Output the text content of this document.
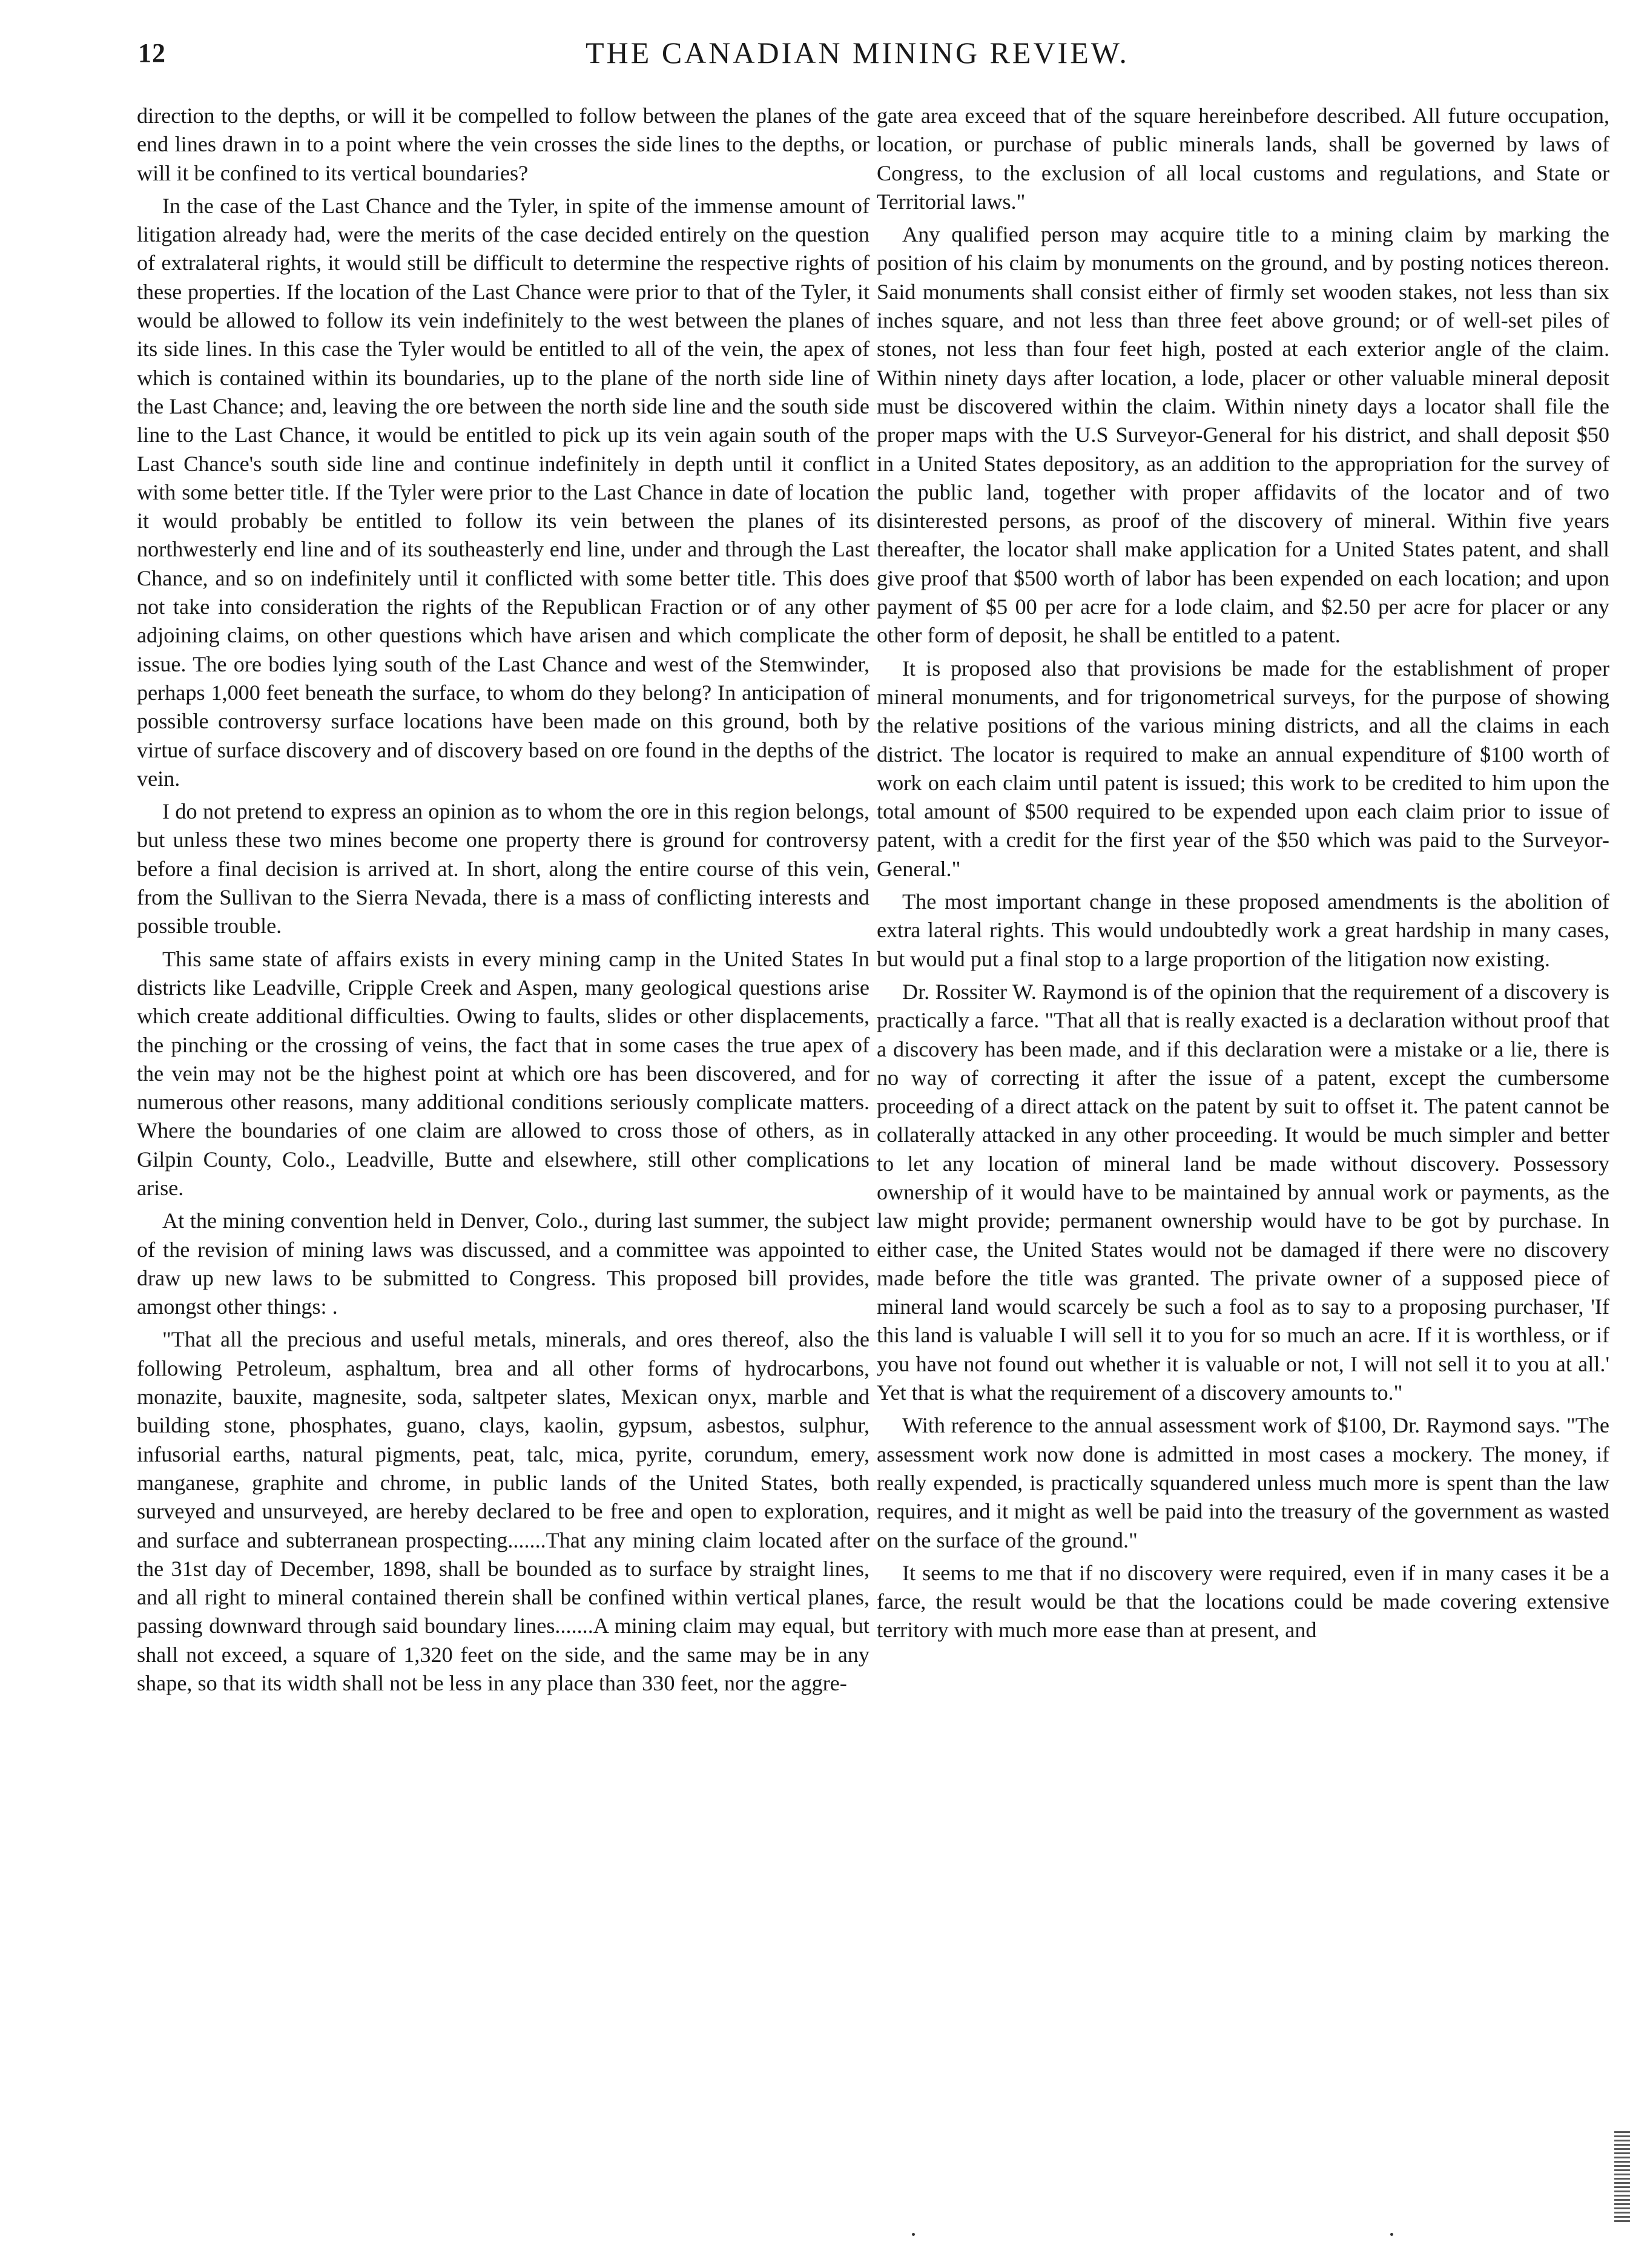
12	THE CANADIAN MINING REVIEW.

direction to the depths, or will it be compelled to follow between the planes of the end lines drawn in to a point where the vein crosses the side lines to the depths, or will it be confined to its vertical boundaries?

In the case of the Last Chance and the Tyler, in spite of the immense amount of litigation already had, were the merits of the case decided entirely on the question of extralateral rights, it would still be difficult to determine the respective rights of these properties. If the location of the Last Chance were prior to that of the Tyler, it would be allowed to follow its vein indefinitely to the west between the planes of its side lines. In this case the Tyler would be entitled to all of the vein, the apex of which is contained within its boundaries, up to the plane of the north side line of the Last Chance; and, leaving the ore between the north side line and the south side line to the Last Chance, it would be entitled to pick up its vein again south of the Last Chance's south side line and continue indefinitely in depth until it conflict with some better title. If the Tyler were prior to the Last Chance in date of location it would probably be entitled to follow its vein between the planes of its northwesterly end line and of its southeasterly end line, under and through the Last Chance, and so on indefinitely until it conflicted with some better title. This does not take into consideration the rights of the Republican Fraction or of any other adjoining claims, on other questions which have arisen and which complicate the issue. The ore bodies lying south of the Last Chance and west of the Stemwinder, perhaps 1,000 feet beneath the surface, to whom do they belong? In anticipation of possible controversy surface locations have been made on this ground, both by virtue of surface discovery and of discovery based on ore found in the depths of the vein.

I do not pretend to express an opinion as to whom the ore in this region belongs, but unless these two mines become one property there is ground for controversy before a final decision is arrived at. In short, along the entire course of this vein, from the Sullivan to the Sierra Nevada, there is a mass of conflicting interests and possible trouble.

This same state of affairs exists in every mining camp in the United States In districts like Leadville, Cripple Creek and Aspen, many geological questions arise which create additional difficulties. Owing to faults, slides or other displacements, the pinching or the crossing of veins, the fact that in some cases the true apex of the vein may not be the highest point at which ore has been discovered, and for numerous other reasons, many additional conditions seriously complicate matters. Where the boundaries of one claim are allowed to cross those of others, as in Gilpin County, Colo., Leadville, Butte and elsewhere, still other complications arise.

At the mining convention held in Denver, Colo., during last summer, the subject of the revision of mining laws was discussed, and a committee was appointed to draw up new laws to be submitted to Congress. This proposed bill provides, amongst other things: .

"That all the precious and useful metals, minerals, and ores thereof, also the following Petroleum, asphaltum, brea and all other forms of hydrocarbons, monazite, bauxite, magnesite, soda, saltpeter slates, Mexican onyx, marble and building stone, phosphates, guano, clays, kaolin, gypsum, asbestos, sulphur, infusorial earths, natural pigments, peat, talc, mica, pyrite, corundum, emery, manganese, graphite and chrome, in public lands of the United States, both surveyed and unsurveyed, are hereby declared to be free and open to exploration, and surface and subterranean prospecting.......That any mining claim located after the 31st day of December, 1898, shall be bounded as to surface by straight lines, and all right to mineral contained therein shall be confined within vertical planes, passing downward through said boundary lines.......A mining claim may equal, but shall not exceed, a square of 1,320 feet on the side, and the same may be in any shape, so that its width shall not be less in any place than 330 feet, nor the aggre-

gate area exceed that of the square hereinbefore described. All future occupation, location, or purchase of public minerals lands, shall be governed by laws of Congress, to the exclusion of all local customs and regulations, and State or Territorial laws."

Any qualified person may acquire title to a mining claim by marking the position of his claim by monuments on the ground, and by posting notices thereon. Said monuments shall consist either of firmly set wooden stakes, not less than six inches square, and not less than three feet above ground; or of well-set piles of stones, not less than four feet high, posted at each exterior angle of the claim. Within ninety days after location, a lode, placer or other valuable mineral deposit must be discovered within the claim. Within ninety days a locator shall file the proper maps with the U.S Surveyor-General for his district, and shall deposit $50 in a United States depository, as an addition to the appropriation for the survey of the public land, together with proper affidavits of the locator and of two disinterested persons, as proof of the discovery of mineral. Within five years thereafter, the locator shall make application for a United States patent, and shall give proof that $500 worth of labor has been expended on each location; and upon payment of $5 00 per acre for a lode claim, and $2.50 per acre for placer or any other form of deposit, he shall be entitled to a patent.

It is proposed also that provisions be made for the establishment of proper mineral monuments, and for trigonometrical surveys, for the purpose of showing the relative positions of the various mining districts, and all the claims in each district. The locator is required to make an annual expenditure of $100 worth of work on each claim until patent is issued; this work to be credited to him upon the total amount of $500 required to be expended upon each claim prior to issue of patent, with a credit for the first year of the $50 which was paid to the Surveyor-General."

The most important change in these proposed amendments is the abolition of extra lateral rights. This would undoubtedly work a great hardship in many cases, but would put a final stop to a large proportion of the litigation now existing.

Dr. Rossiter W. Raymond is of the opinion that the requirement of a discovery is practically a farce. "That all that is really exacted is a declaration without proof that a discovery has been made, and if this declaration were a mistake or a lie, there is no way of correcting it after the issue of a patent, except the cumbersome proceeding of a direct attack on the patent by suit to offset it. The patent cannot be collaterally attacked in any other proceeding. It would be much simpler and better to let any location of mineral land be made without discovery. Possessory ownership of it would have to be maintained by annual work or payments, as the law might provide; permanent ownership would have to be got by purchase. In either case, the United States would not be damaged if there were no discovery made before the title was granted. The private owner of a supposed piece of mineral land would scarcely be such a fool as to say to a proposing purchaser, 'If this land is valuable I will sell it to you for so much an acre. If it is worthless, or if you have not found out whether it is valuable or not, I will not sell it to you at all.' Yet that is what the requirement of a discovery amounts to."

With reference to the annual assessment work of $100, Dr. Raymond says. "The assessment work now done is admitted in most cases a mockery. The money, if really expended, is practically squandered unless much more is spent than the law requires, and it might as well be paid into the treasury of the government as wasted on the surface of the ground."

It seems to me that if no discovery were required, even if in many cases it be a farce, the result would be that the locations could be made covering extensive territory with much more ease than at present, and
